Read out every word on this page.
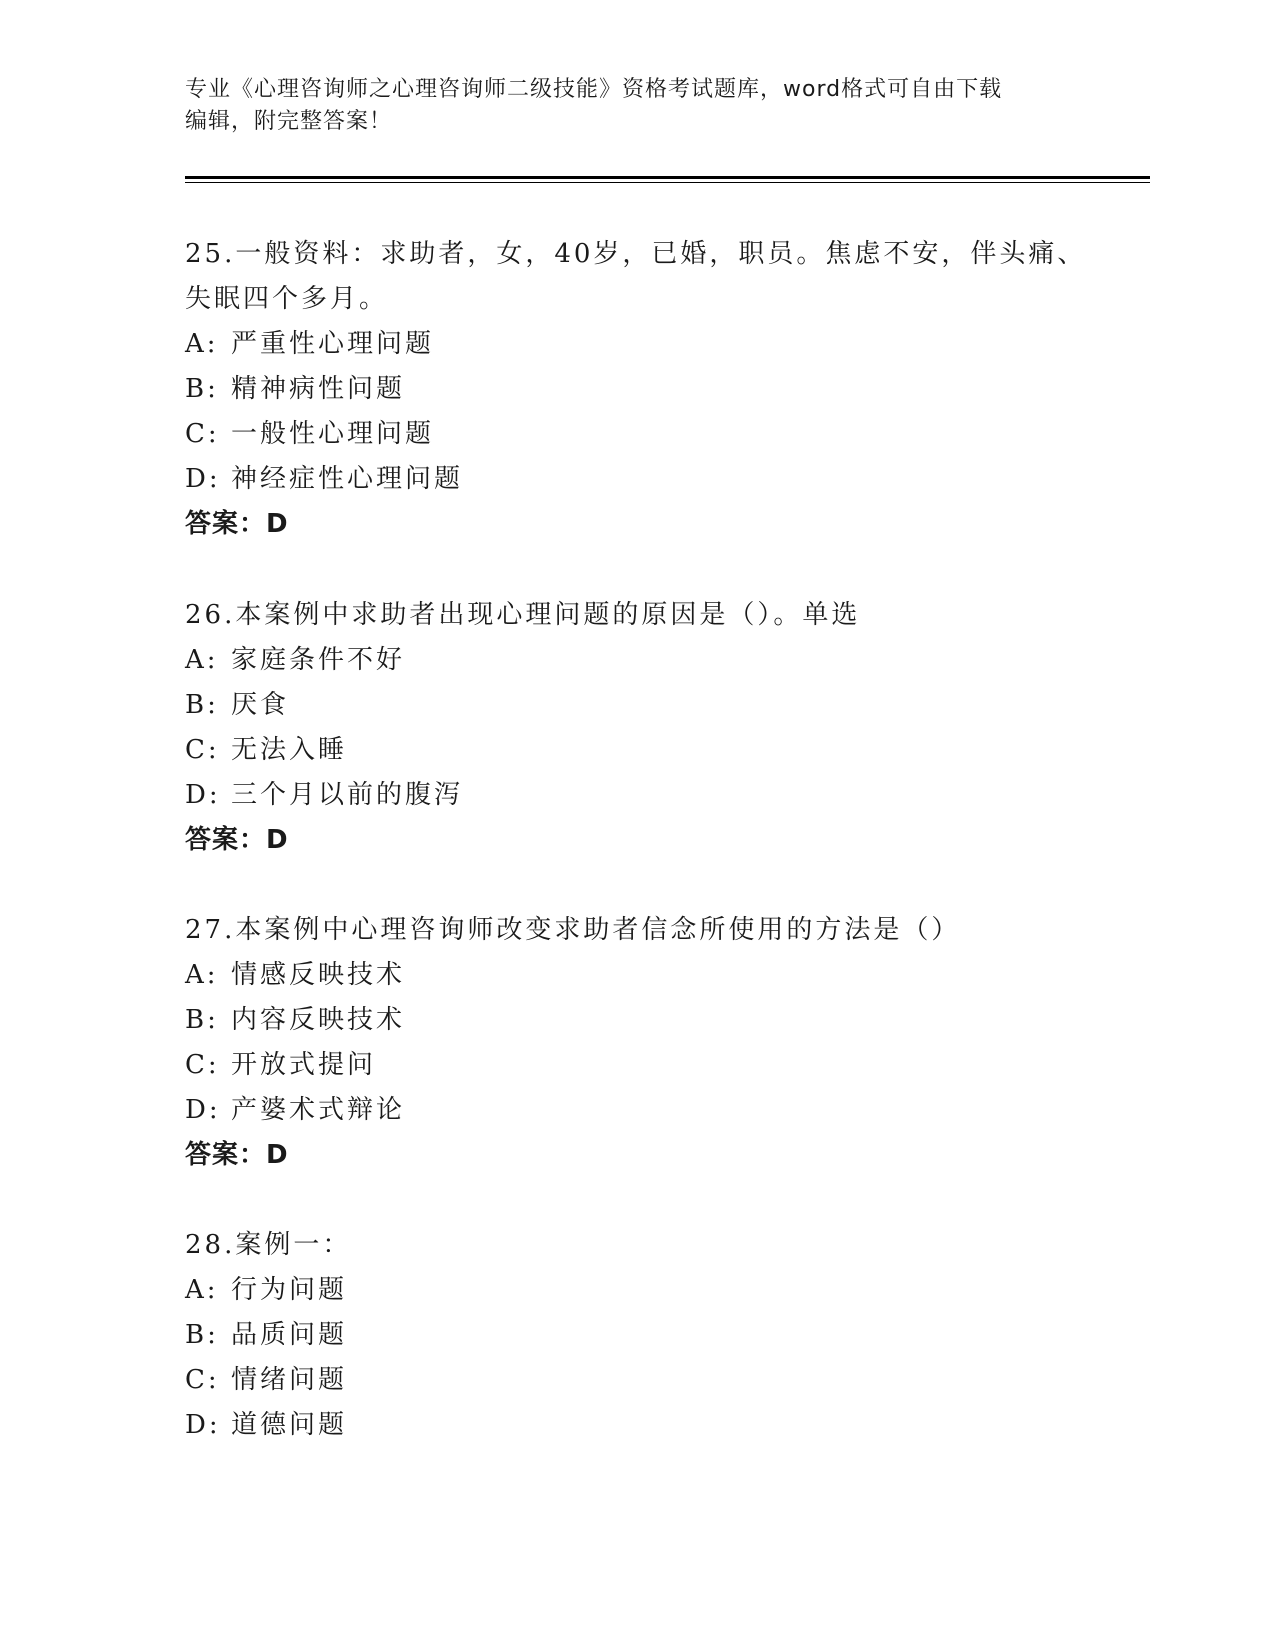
专业《心理咨询师之心理咨询师二级技能》资格考试题库，word格式可自由下载
编辑，附完整答案！
25.一般资料：求助者，女，40岁，已婚，职员。焦虑不安，伴头痛、
失眠四个多月。
A: 严重性心理问题
B: 精神病性问题
C: 一般性心理问题
D: 神经症性心理问题
答案：D
26.本案例中求助者出现心理问题的原因是（）。单选
A: 家庭条件不好
B: 厌食
C: 无法入睡
D: 三个月以前的腹泻
答案：D
27.本案例中心理咨询师改变求助者信念所使用的方法是（）
A: 情感反映技术
B: 内容反映技术
C: 开放式提问
D: 产婆术式辩论
答案：D
28.案例一：
A: 行为问题
B: 品质问题
C: 情绪问题
D: 道德问题
